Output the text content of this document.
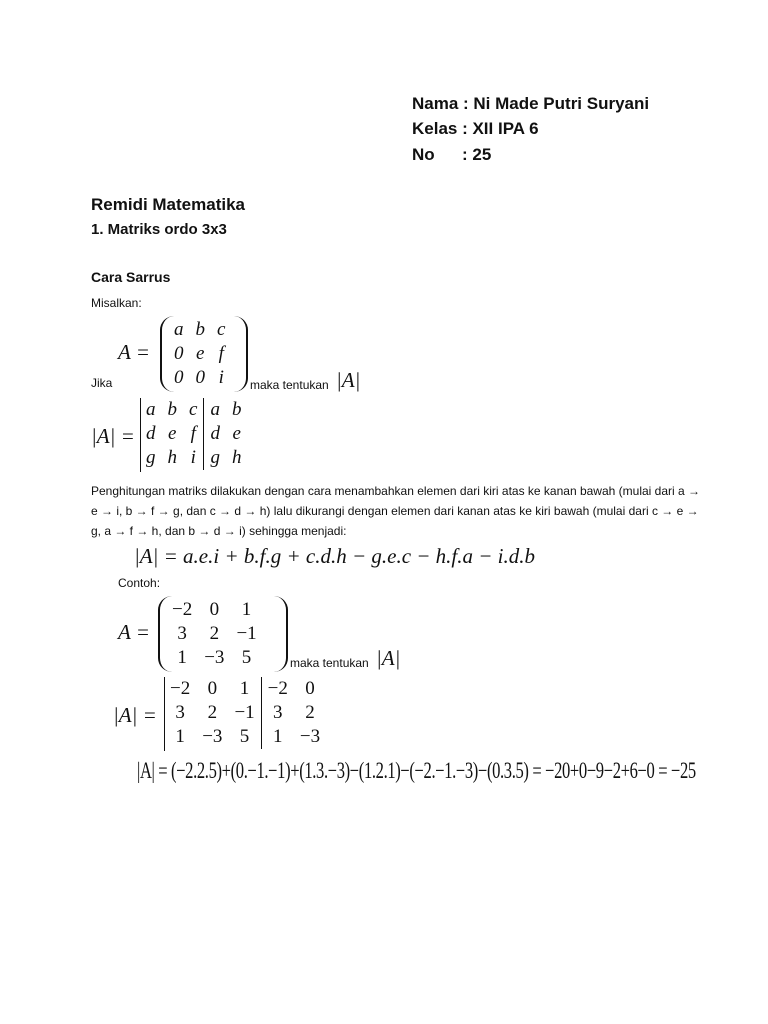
Nama : Ni Made Putri Suryani
Kelas : XII IPA 6
No : 25
Remidi Matematika
1. Matriks ordo 3x3
Cara Sarrus
Misalkan:
A =
a	b	c
0	e	f
0	0	i
Jika	maka tentukan |A|
|A| =
a	b	c	a	b
d	e	f	d	e
g	h	i	g	h
Penghitungan matriks dilakukan dengan cara menambahkan elemen dari kiri atas ke kanan bawah (mulai dari a → e → i, b → f → g, dan c → d → h) lalu dikurangi dengan elemen dari kanan atas ke kiri bawah (mulai dari c → e → g, a → f → h, dan b → d → i) sehingga menjadi:
|A| = a.e.i + b.f.g + c.d.h − g.e.c − h.f.a − i.d.b
Contoh:
A =
−2	0	1
3	2	−1
1	−3	5	maka tentukan |A|
|A| =
−2	0	1	−2	0
3	2	−1	3	2
1	−3	5	1	−3
|A| = (−2.2.5)+(0.−1.−1)+(1.3.−3)−(1.2.1)−(−2.−1.−3)−(0.3.5) = −20+0−9−2+6−0 = −25
